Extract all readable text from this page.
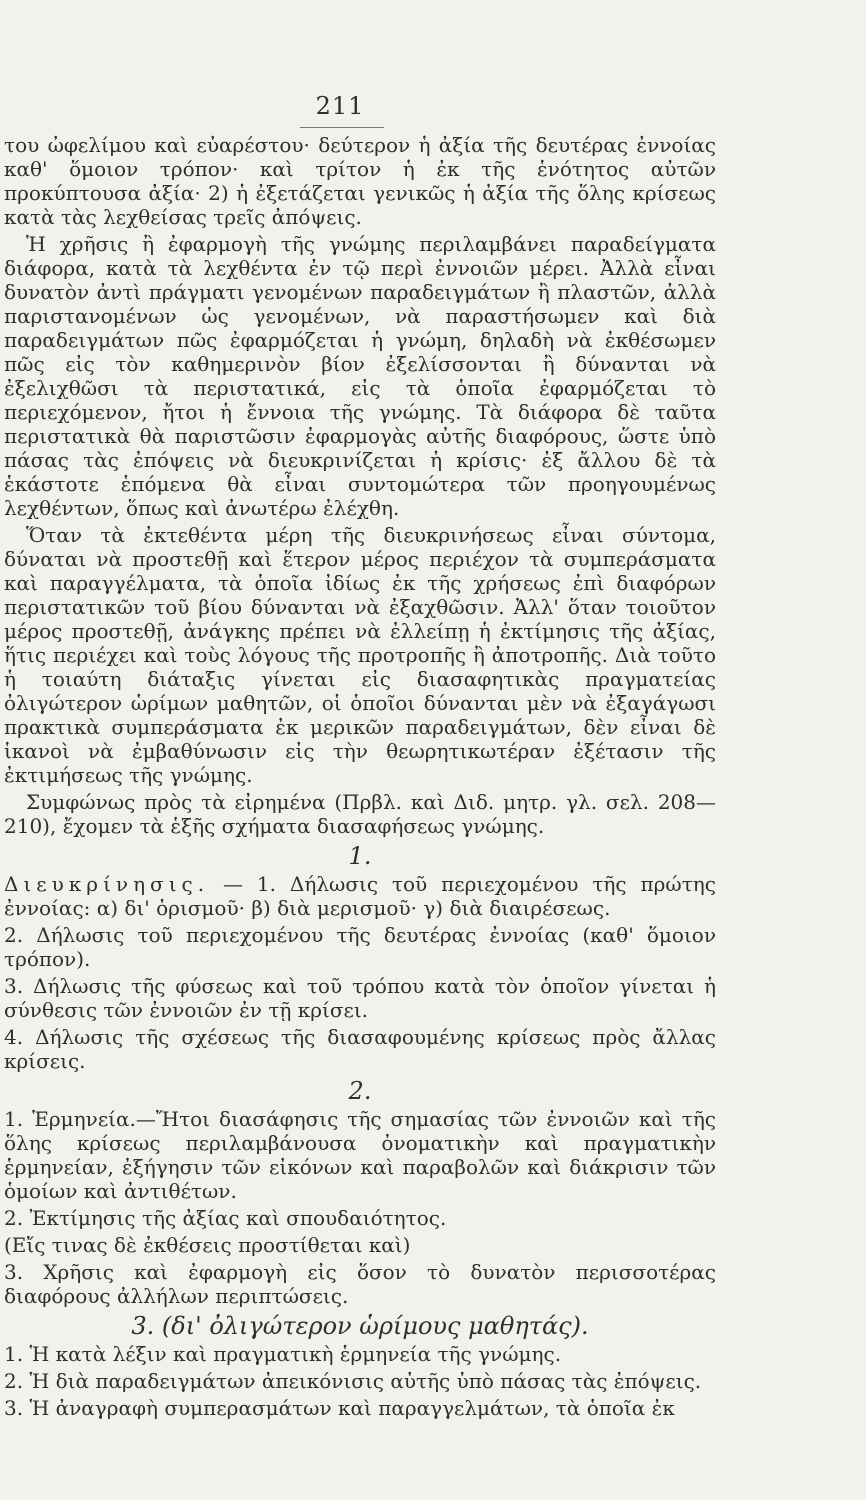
211

του ὠφελίμου καὶ εὐαρέστου· δεύτερον ἡ ἀξία τῆς δευτέρας ἐννοίας καθ' ὅμοιον τρόπον· καὶ τρίτον ἡ ἐκ τῆς ἑνότητος αὐτῶν προκύπτουσα ἀξία· 2) ἡ ἐξετάζεται γενικῶς ἡ ἀξία τῆς ὅλης κρίσεως κατὰ τὰς λεχθείσας τρεῖς ἀπόψεις.

Ἡ χρῆσις ἢ ἐφαρμογὴ τῆς γνώμης περιλαμβάνει παραδείγματα διάφορα, κατὰ τὰ λεχθέντα ἐν τῷ περὶ ἐννοιῶν μέρει. Ἀλλὰ εἶναι δυνατὸν ἀντὶ πράγματι γενομένων παραδειγμάτων ἢ πλαστῶν, ἀλλὰ παριστανομένων ὡς γενομένων, νὰ παραστήσωμεν καὶ διὰ παραδειγμάτων πῶς ἐφαρμόζεται ἡ γνώμη, δηλαδὴ νὰ ἐκθέσωμεν πῶς εἰς τὸν καθημερινὸν βίον ἐξελίσσονται ἢ δύνανται νὰ ἐξελιχθῶσι τὰ περιστατικά, εἰς τὰ ὁποῖα ἐφαρμόζεται τὸ περιεχόμενον, ἤτοι ἡ ἔννοια τῆς γνώμης. Τὰ διάφορα δὲ ταῦτα περιστατικὰ θὰ παριστῶσιν ἐφαρμογὰς αὐτῆς διαφόρους, ὥστε ὑπὸ πάσας τὰς ἐπόψεις νὰ διευκρινίζεται ἡ κρίσις· ἐξ ἄλλου δὲ τὰ ἑκάστοτε ἑπόμενα θὰ εἶναι συντομώτερα τῶν προηγουμένως λεχθέντων, ὅπως καὶ ἀνωτέρω ἐλέχθη.

Ὅταν τὰ ἐκτεθέντα μέρη τῆς διευκρινήσεως εἶναι σύντομα, δύναται νὰ προστεθῇ καὶ ἕτερον μέρος περιέχον τὰ συμπεράσματα καὶ παραγγέλματα, τὰ ὁποῖα ἰδίως ἐκ τῆς χρήσεως ἐπὶ διαφόρων περιστατικῶν τοῦ βίου δύνανται νὰ ἐξαχθῶσιν. Ἀλλ' ὅταν τοιοῦτον μέρος προστεθῇ, ἀνάγκης πρέπει νὰ ἐλλείπῃ ἡ ἐκτίμησις τῆς ἀξίας, ἥτις περιέχει καὶ τοὺς λόγους τῆς προτροπῆς ἢ ἀποτροπῆς. Διὰ τοῦτο ἡ τοιαύτη διάταξις γίνεται εἰς διασαφητικὰς πραγματείας ὀλιγώτερον ὡρίμων μαθητῶν, οἱ ὁποῖοι δύνανται μὲν νὰ ἐξαγάγωσι πρακτικὰ συμπεράσματα ἐκ μερικῶν παραδειγμάτων, δὲν εἶναι δὲ ἱκανοὶ νὰ ἐμβαθύνωσιν εἰς τὴν θεωρητικωτέραν ἐξέτασιν τῆς ἐκτιμήσεως τῆς γνώμης.

Συμφώνως πρὸς τὰ εἰρημένα (Πρβλ. καὶ Διδ. μητρ. γλ. σελ. 208—210), ἔχομεν τὰ ἑξῆς σχήματα διασαφήσεως γνώμης.

1.

Διευκρίνησις. — 1. Δήλωσις τοῦ περιεχομένου τῆς πρώτης ἐννοίας: α) δι' ὁρισμοῦ· β) διὰ μερισμοῦ· γ) διὰ διαιρέσεως.

2. Δήλωσις τοῦ περιεχομένου τῆς δευτέρας ἐννοίας (καθ' ὅμοιον τρόπον).

3. Δήλωσις τῆς φύσεως καὶ τοῦ τρόπου κατὰ τὸν ὁποῖον γίνεται ἡ σύνθεσις τῶν ἐννοιῶν ἐν τῇ κρίσει.

4. Δήλωσις τῆς σχέσεως τῆς διασαφουμένης κρίσεως πρὸς ἄλλας κρίσεις.

2.

1. Ἑρμηνεία.—Ἤτοι διασάφησις τῆς σημασίας τῶν ἐννοιῶν καὶ τῆς ὅλης κρίσεως περιλαμβάνουσα ὀνοματικὴν καὶ πραγματικὴν ἑρμηνείαν, ἐξήγησιν τῶν εἰκόνων καὶ παραβολῶν καὶ διάκρισιν τῶν ὁμοίων καὶ ἀντιθέτων.

2. Ἐκτίμησις τῆς ἀξίας καὶ σπουδαιότητος.

(Εἴς τινας δὲ ἐκθέσεις προστίθεται καὶ)

3. Χρῆσις καὶ ἐφαρμογὴ εἰς ὅσον τὸ δυνατὸν περισσοτέρας διαφόρους ἀλλήλων περιπτώσεις.

3. (δι' ὀλιγώτερον ὡρίμους μαθητάς).

1. Ἡ κατὰ λέξιν καὶ πραγματικὴ ἑρμηνεία τῆς γνώμης.

2. Ἡ διὰ παραδειγμάτων ἀπεικόνισις αὐτῆς ὑπὸ πάσας τὰς ἐπόψεις.

3. Ἡ ἀναγραφὴ συμπερασμάτων καὶ παραγγελμάτων, τὰ ὁποῖα ἐκ
